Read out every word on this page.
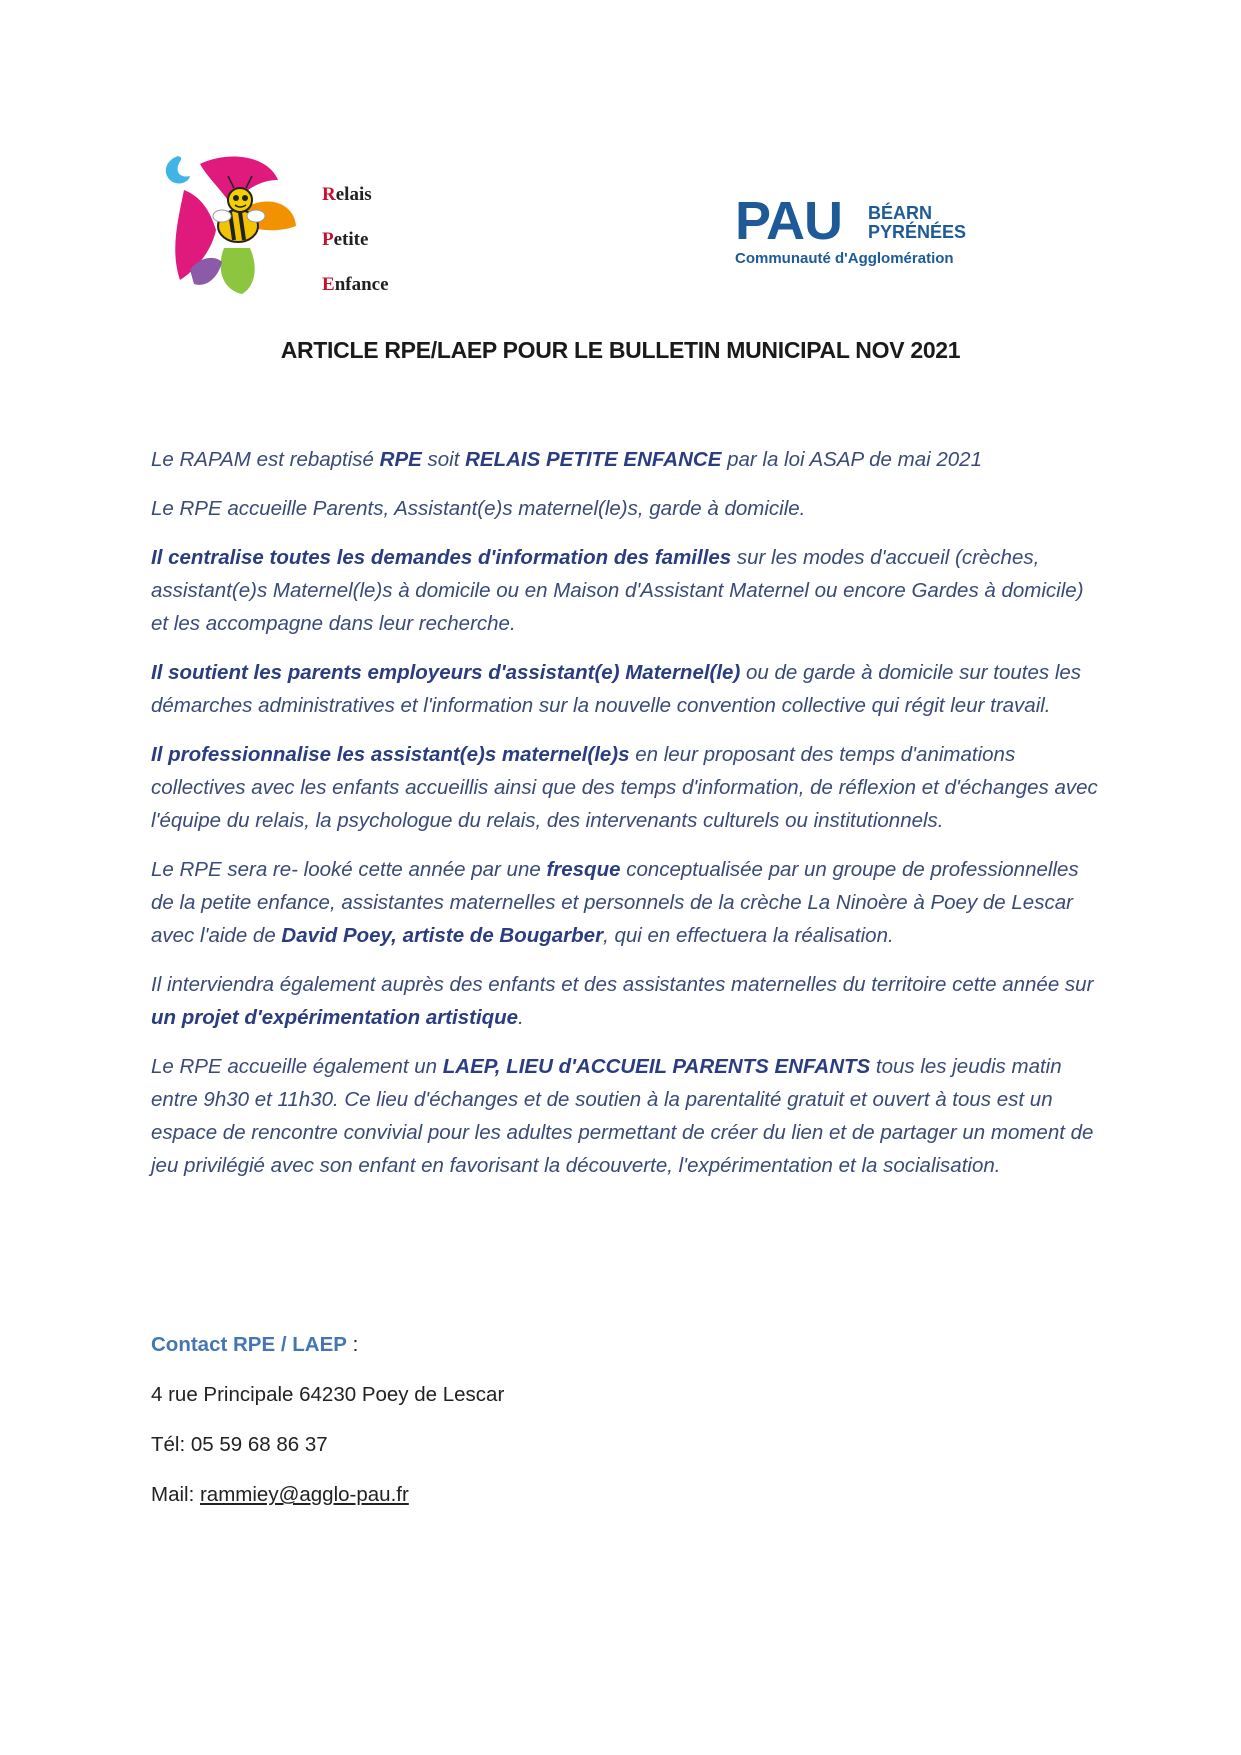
Relais
Petite
Enfance
PAU BÉARN
PYRÉNÉES
Communauté d'Agglomération
ARTICLE RPE/LAEP POUR LE BULLETIN MUNICIPAL NOV 2021

Le RAPAM est rebaptisé RPE soit RELAIS PETITE ENFANCE par la loi ASAP de mai 2021

Le RPE accueille Parents, Assistant(e)s maternel(le)s, garde à domicile.

Il centralise toutes les demandes d'information des familles sur les modes d'accueil (crèches, assistant(e)s Maternel(le)s à domicile ou en Maison d'Assistant Maternel ou encore Gardes à domicile) et les accompagne dans leur recherche.

Il soutient les parents employeurs d'assistant(e) Maternel(le) ou de garde à domicile sur toutes les démarches administratives et l'information sur la nouvelle convention collective qui régit leur travail.

Il professionnalise les assistant(e)s maternel(le)s en leur proposant des temps d'animations collectives avec les enfants accueillis ainsi que des temps d'information, de réflexion et d'échanges avec l'équipe du relais, la psychologue du relais, des intervenants culturels ou institutionnels.

Le RPE sera re- looké cette année par une fresque conceptualisée par un groupe de professionnelles de la petite enfance, assistantes maternelles et personnels de la crèche La Ninoère à Poey de Lescar avec l'aide de David Poey, artiste de Bougarber, qui en effectuera la réalisation.

Il interviendra également auprès des enfants et des assistantes maternelles du territoire cette année sur un projet d'expérimentation artistique.

Le RPE accueille également un LAEP, LIEU d'ACCUEIL PARENTS ENFANTS tous les jeudis matin entre 9h30 et 11h30. Ce lieu d'échanges et de soutien à la parentalité gratuit et ouvert à tous est un espace de rencontre convivial pour les adultes permettant de créer du lien et de partager un moment de jeu privilégié avec son enfant en favorisant la découverte, l'expérimentation et la socialisation.

Contact RPE / LAEP :

4 rue Principale 64230 Poey de Lescar

Tél: 05 59 68 86 37

Mail: rammiey@agglo-pau.fr
